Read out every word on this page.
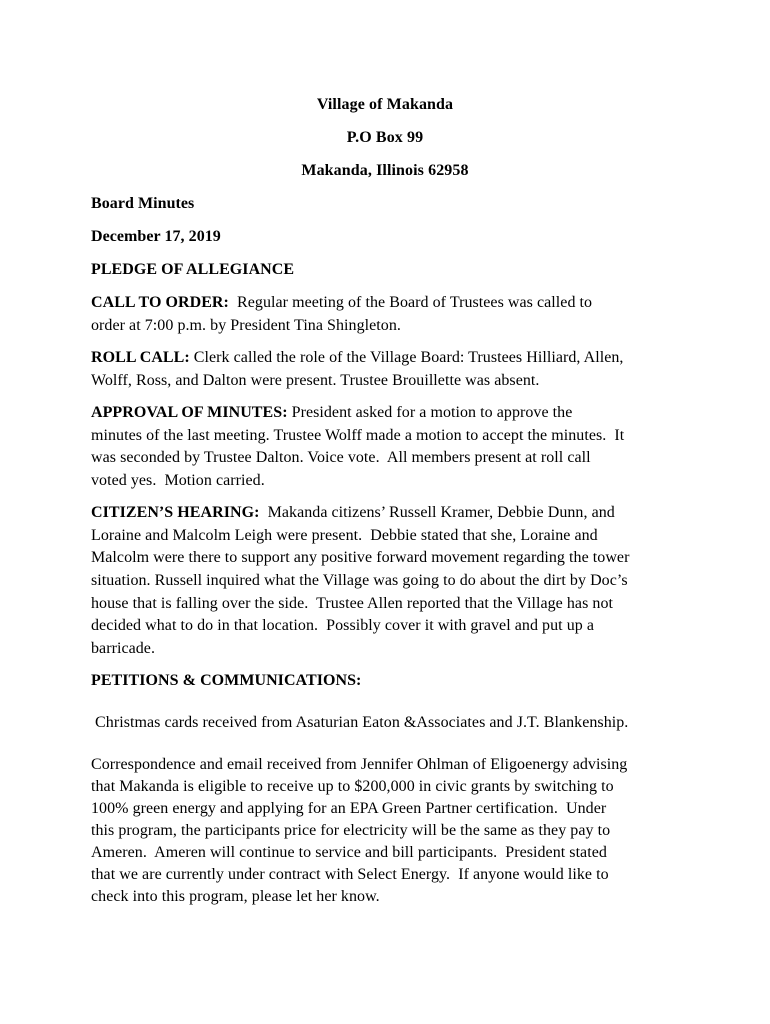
Village of Makanda
P.O Box 99
Makanda, Illinois 62958
Board Minutes
December 17, 2019
PLEDGE OF ALLEGIANCE
CALL TO ORDER:  Regular meeting of the Board of Trustees was called to
order at 7:00 p.m. by President Tina Shingleton.
ROLL CALL: Clerk called the role of the Village Board: Trustees Hilliard, Allen,
Wolff, Ross, and Dalton were present. Trustee Brouillette was absent.
APPROVAL OF MINUTES: President asked for a motion to approve the
minutes of the last meeting. Trustee Wolff made a motion to accept the minutes.  It
was seconded by Trustee Dalton. Voice vote.  All members present at roll call
voted yes.  Motion carried.
CITIZEN’S HEARING:  Makanda citizens’ Russell Kramer, Debbie Dunn, and
Loraine and Malcolm Leigh were present.  Debbie stated that she, Loraine and
Malcolm were there to support any positive forward movement regarding the tower
situation. Russell inquired what the Village was going to do about the dirt by Doc’s
house that is falling over the side.  Trustee Allen reported that the Village has not
decided what to do in that location.  Possibly cover it with gravel and put up a
barricade.
PETITIONS & COMMUNICATIONS:
Christmas cards received from Asaturian Eaton &Associates and J.T. Blankenship.
Correspondence and email received from Jennifer Ohlman of Eligoenergy advising
that Makanda is eligible to receive up to $200,000 in civic grants by switching to
100% green energy and applying for an EPA Green Partner certification.  Under
this program, the participants price for electricity will be the same as they pay to
Ameren.  Ameren will continue to service and bill participants.  President stated
that we are currently under contract with Select Energy.  If anyone would like to
check into this program, please let her know.
